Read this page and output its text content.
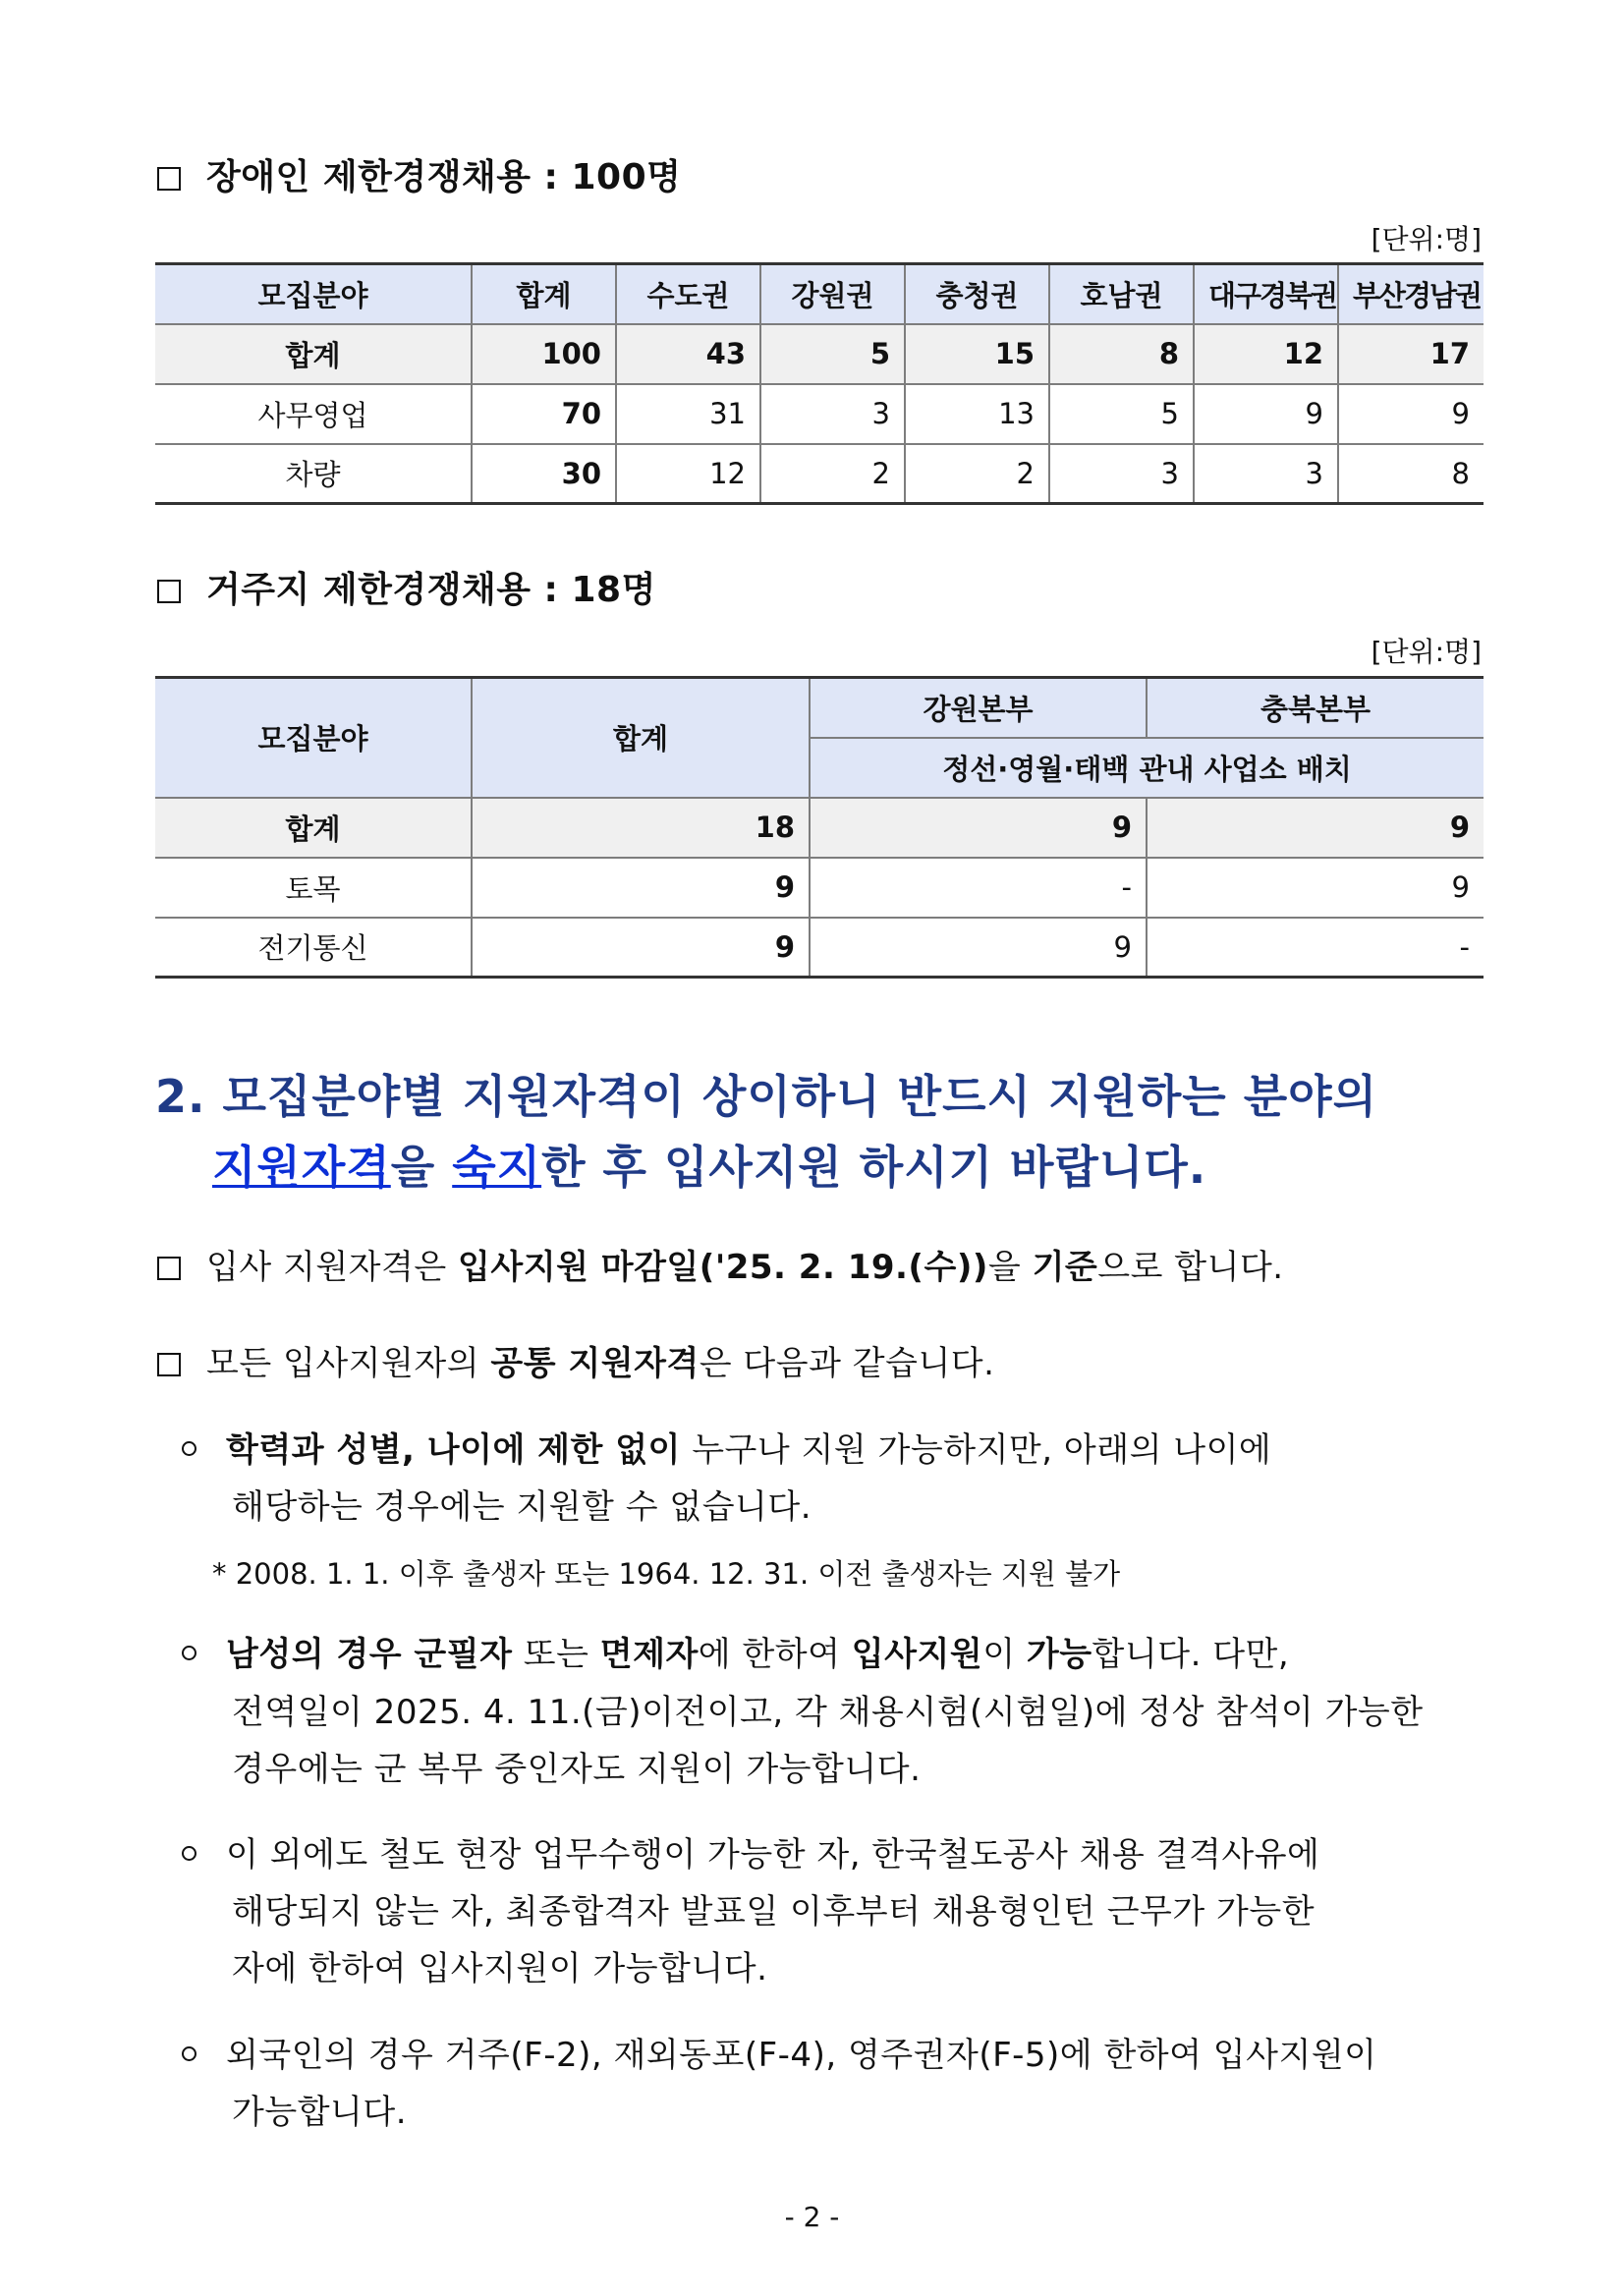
장애인 제한경쟁채용 : 100명
[단위:명]
모집분야	합계	수도권	강원권	충청권	호남권	대구경북권	부산경남권
합계	100	43	5	15	8	12	17
사무영업	70	31	3	13	5	9	9
차량	30	12	2	2	3	3	8
거주지 제한경쟁채용 : 18명
[단위:명]
모집분야	합계	강원본부	충북본부
		정선·영월·태백 관내 사업소 배치	
합계	18	9	9
토목	9	-	9
전기통신	9	9	-
2. 모집분야별 지원자격이 상이하니 반드시 지원하는 분야의
지원자격을 숙지한 후 입사지원 하시기 바랍니다.
입사 지원자격은 입사지원 마감일('25. 2. 19.(수))을 기준으로 합니다.
모든 입사지원자의 공통 지원자격은 다음과 같습니다.
학력과 성별, 나이에 제한 없이 누구나 지원 가능하지만, 아래의 나이에
해당하는 경우에는 지원할 수 없습니다.
* 2008. 1. 1. 이후 출생자 또는 1964. 12. 31. 이전 출생자는 지원 불가
남성의 경우 군필자 또는 면제자에 한하여 입사지원이 가능합니다. 다만,
전역일이 2025. 4. 11.(금)이전이고, 각 채용시험(시험일)에 정상 참석이 가능한
경우에는 군 복무 중인자도 지원이 가능합니다.
이 외에도 철도 현장 업무수행이 가능한 자, 한국철도공사 채용 결격사유에
해당되지 않는 자, 최종합격자 발표일 이후부터 채용형인턴 근무가 가능한
자에 한하여 입사지원이 가능합니다.
외국인의 경우 거주(F-2), 재외동포(F-4), 영주권자(F-5)에 한하여 입사지원이
가능합니다.
- 2 -
